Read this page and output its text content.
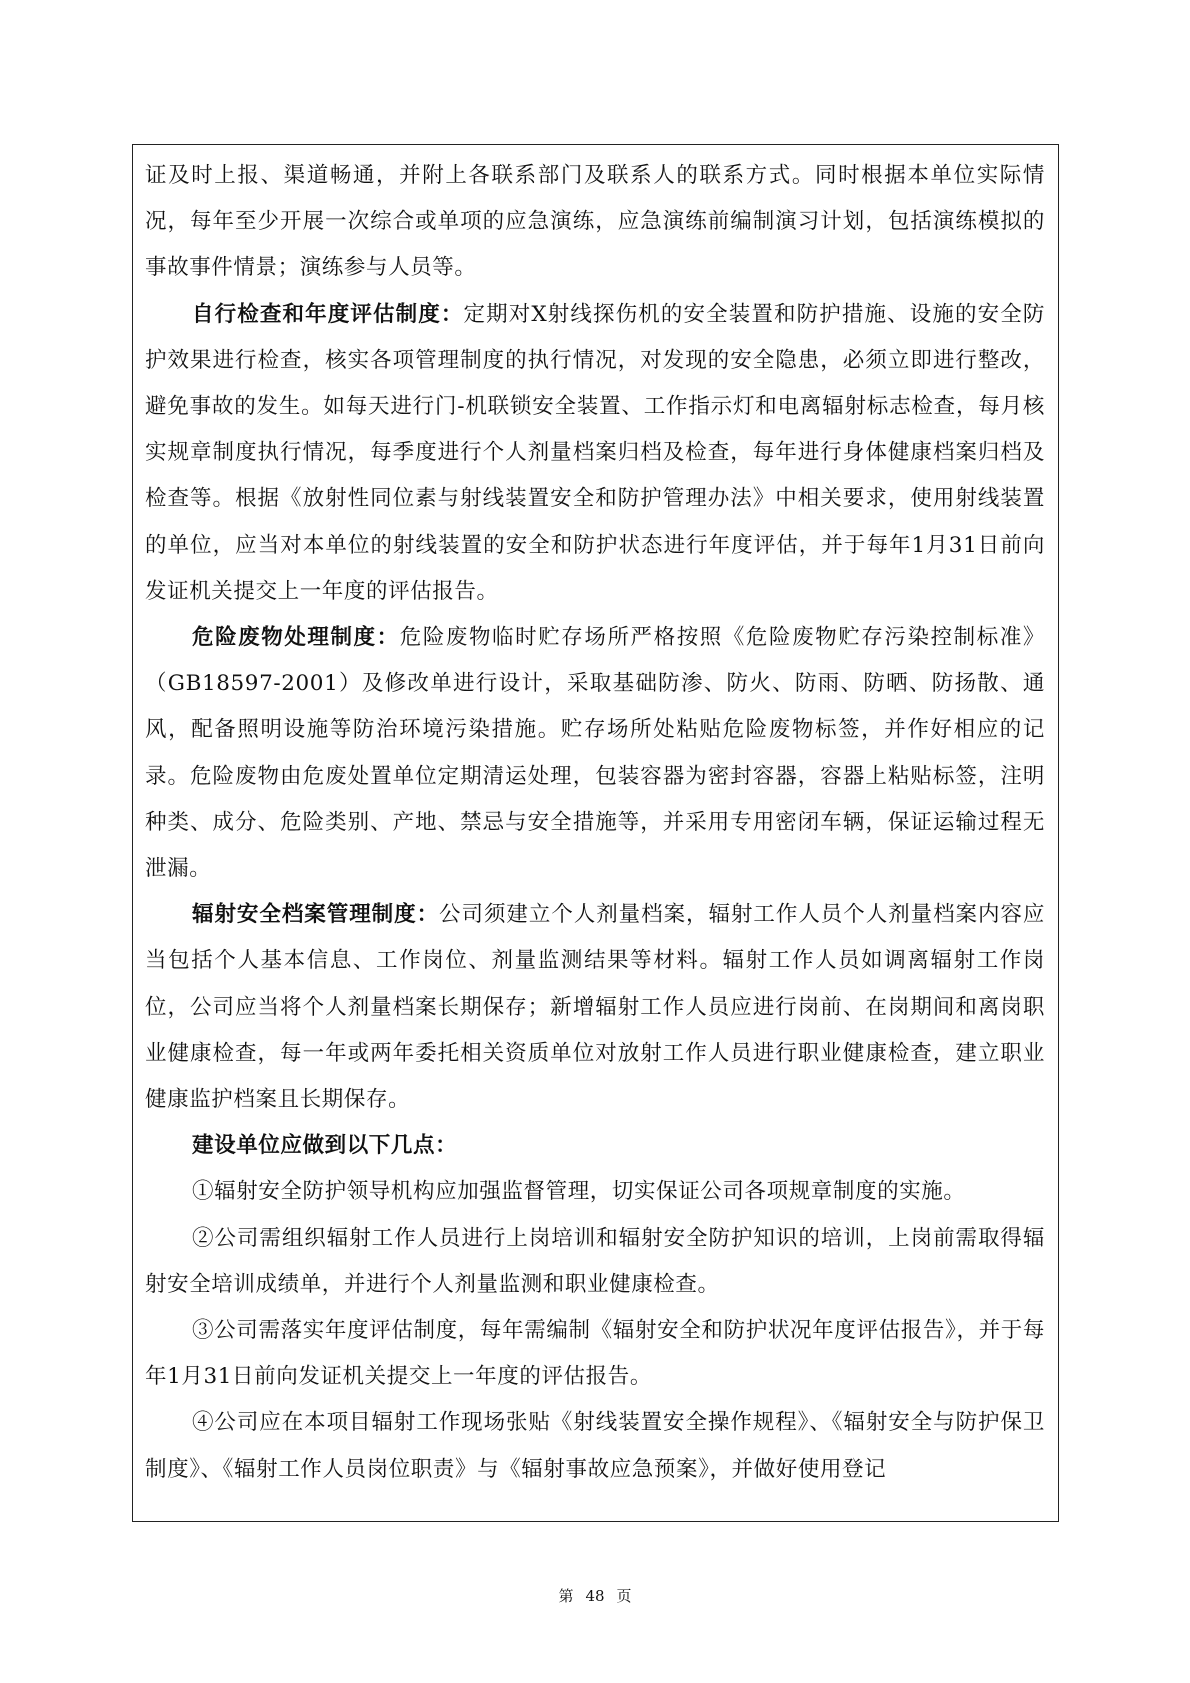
证及时上报、渠道畅通，并附上各联系部门及联系人的联系方式。同时根据本单位实际情况，每年至少开展一次综合或单项的应急演练，应急演练前编制演习计划，包括演练模拟的事故事件情景；演练参与人员等。

自行检查和年度评估制度：定期对X射线探伤机的安全装置和防护措施、设施的安全防护效果进行检查，核实各项管理制度的执行情况，对发现的安全隐患，必须立即进行整改，避免事故的发生。如每天进行门-机联锁安全装置、工作指示灯和电离辐射标志检查，每月核实规章制度执行情况，每季度进行个人剂量档案归档及检查，每年进行身体健康档案归档及检查等。根据《放射性同位素与射线装置安全和防护管理办法》中相关要求，使用射线装置的单位，应当对本单位的射线装置的安全和防护状态进行年度评估，并于每年1月31日前向发证机关提交上一年度的评估报告。

危险废物处理制度：危险废物临时贮存场所严格按照《危险废物贮存污染控制标准》（GB18597-2001）及修改单进行设计，采取基础防渗、防火、防雨、防晒、防扬散、通风，配备照明设施等防治环境污染措施。贮存场所处粘贴危险废物标签，并作好相应的记录。危险废物由危废处置单位定期清运处理，包装容器为密封容器，容器上粘贴标签，注明种类、成分、危险类别、产地、禁忌与安全措施等，并采用专用密闭车辆，保证运输过程无泄漏。

辐射安全档案管理制度：公司须建立个人剂量档案，辐射工作人员个人剂量档案内容应当包括个人基本信息、工作岗位、剂量监测结果等材料。辐射工作人员如调离辐射工作岗位，公司应当将个人剂量档案长期保存；新增辐射工作人员应进行岗前、在岗期间和离岗职业健康检查，每一年或两年委托相关资质单位对放射工作人员进行职业健康检查，建立职业健康监护档案且长期保存。

建设单位应做到以下几点：

①辐射安全防护领导机构应加强监督管理，切实保证公司各项规章制度的实施。

②公司需组织辐射工作人员进行上岗培训和辐射安全防护知识的培训，上岗前需取得辐射安全培训成绩单，并进行个人剂量监测和职业健康检查。

③公司需落实年度评估制度，每年需编制《辐射安全和防护状况年度评估报告》，并于每年1月31日前向发证机关提交上一年度的评估报告。

④公司应在本项目辐射工作现场张贴《射线装置安全操作规程》、《辐射安全与防护保卫制度》、《辐射工作人员岗位职责》与《辐射事故应急预案》，并做好使用登记

第 48 页
